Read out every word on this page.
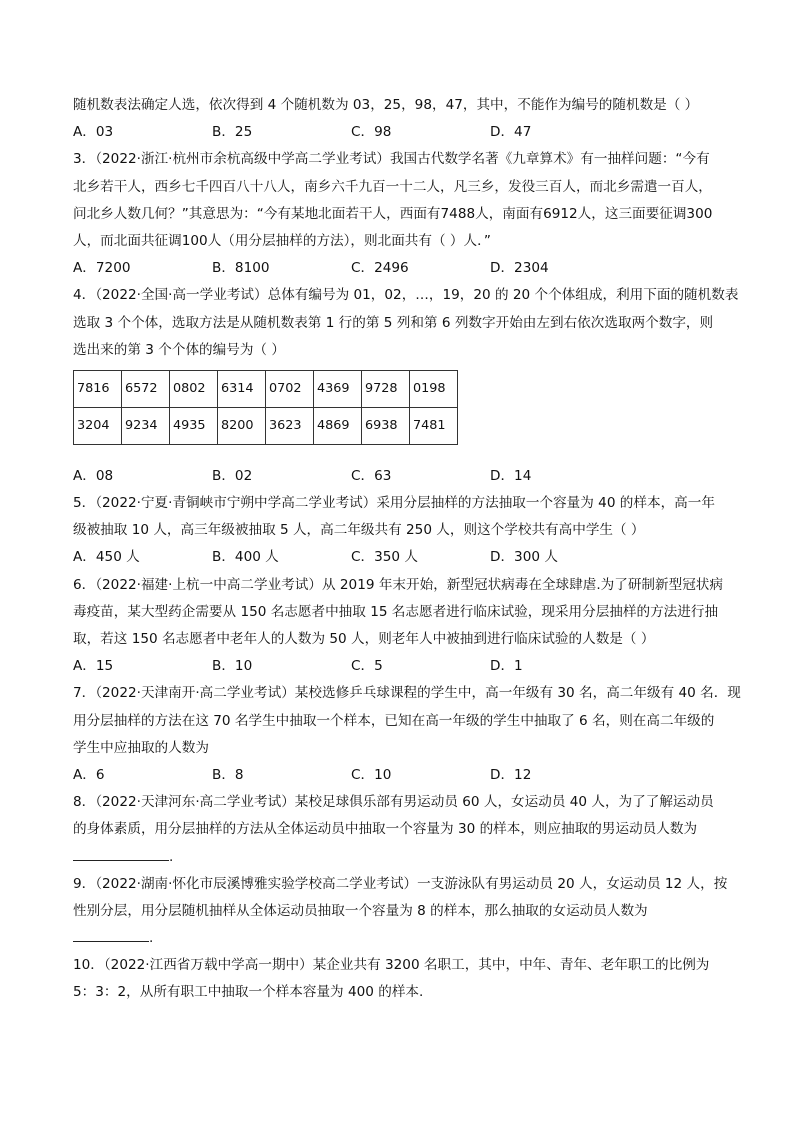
随机数表法确定人选，依次得到 4 个随机数为 03，25，98，47，其中，不能作为编号的随机数是（ ）
A．03	B．25	C．98	D．47
3．（2022·浙江·杭州市余杭高级中学高二学业考试）我国古代数学名著《九章算术》有一抽样问题：“今有
北乡若干人，西乡七千四百八十八人，南乡六千九百一十二人，凡三乡，发役三百人，而北乡需遣一百人，
问北乡人数几何？”其意思为：“今有某地北面若干人，西面有7488人，南面有6912人，这三面要征调300
人，而北面共征调100人（用分层抽样的方法），则北面共有（ ）人．”
A．7200	B．8100	C．2496	D．2304
4．（2022·全国·高一学业考试）总体有编号为 01，02，…，19，20 的 20 个个体组成，利用下面的随机数表
选取 3 个个体，选取方法是从随机数表第 1 行的第 5 列和第 6 列数字开始由左到右依次选取两个数字，则
选出来的第 3 个个体的编号为（ ）
7816	6572	0802	6314	0702	4369	9728	0198
3204	9234	4935	8200	3623	4869	6938	7481
A．08	B．02	C．63	D．14
5．（2022·宁夏·青铜峡市宁朔中学高二学业考试）采用分层抽样的方法抽取一个容量为 40 的样本，高一年
级被抽取 10 人，高三年级被抽取 5 人，高二年级共有 250 人，则这个学校共有高中学生（ ）
A．450 人	B．400 人	C．350 人	D．300 人
6．（2022·福建·上杭一中高二学业考试）从 2019 年末开始，新型冠状病毒在全球肆虐.为了研制新型冠状病
毒疫苗，某大型药企需要从 150 名志愿者中抽取 15 名志愿者进行临床试验，现采用分层抽样的方法进行抽
取，若这 150 名志愿者中老年人的人数为 50 人，则老年人中被抽到进行临床试验的人数是（ ）
A．15	B．10	C．5	D．1
7．（2022·天津南开·高二学业考试）某校选修乒乓球课程的学生中，高一年级有 30 名，高二年级有 40 名．现
用分层抽样的方法在这 70 名学生中抽取一个样本，已知在高一年级的学生中抽取了 6 名，则在高二年级的
学生中应抽取的人数为
A．6	B．8	C．10	D．12
8．（2022·天津河东·高二学业考试）某校足球俱乐部有男运动员 60 人，女运动员 40 人，为了了解运动员
的身体素质，用分层抽样的方法从全体运动员中抽取一个容量为 30 的样本，则应抽取的男运动员人数为
.
9．（2022·湖南·怀化市辰溪博雅实验学校高二学业考试）一支游泳队有男运动员 20 人，女运动员 12 人，按
性别分层，用分层随机抽样从全体运动员抽取一个容量为 8 的样本，那么抽取的女运动员人数为
.
10．（2022·江西省万载中学高一期中）某企业共有 3200 名职工，其中，中年、青年、老年职工的比例为
5：3：2，从所有职工中抽取一个样本容量为 400 的样本.
